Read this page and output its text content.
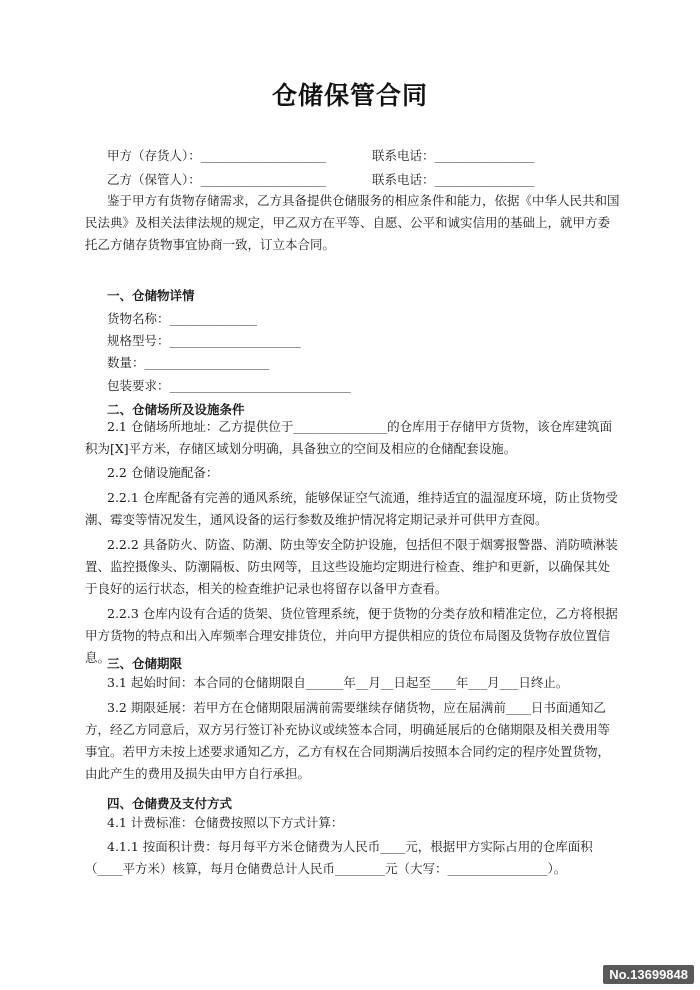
仓储保管合同
甲方（存货人）：____________________	联系电话：________________
乙方（保管人）：____________________	联系电话：________________
鉴于甲方有货物存储需求，乙方具备提供仓储服务的相应条件和能力，依据《中华人民共和国民法典》及相关法律法规的规定，甲乙双方在平等、自愿、公平和诚实信用的基础上，就甲方委托乙方储存货物事宜协商一致，订立本合同。
一、仓储物详情
货物名称：______________
规格型号：_____________________
数量：____________________
包装要求：_____________________________
二、仓储场所及设施条件
2.1 仓储场所地址：乙方提供位于_______________的仓库用于存储甲方货物，该仓库建筑面积为[X]平方米，存储区域划分明确，具备独立的空间及相应的仓储配套设施。
2.2 仓储设施配备：
2.2.1 仓库配备有完善的通风系统，能够保证空气流通，维持适宜的温湿度环境，防止货物受潮、霉变等情况发生，通风设备的运行参数及维护情况将定期记录并可供甲方查阅。
2.2.2 具备防火、防盗、防潮、防虫等安全防护设施，包括但不限于烟雾报警器、消防喷淋装置、监控摄像头、防潮隔板、防虫网等，且这些设施均定期进行检查、维护和更新，以确保其处于良好的运行状态，相关的检查维护记录也将留存以备甲方查看。
2.2.3 仓库内设有合适的货架、货位管理系统，便于货物的分类存放和精准定位，乙方将根据甲方货物的特点和出入库频率合理安排货位，并向甲方提供相应的货位布局图及货物存放位置信息。
三、仓储期限
3.1 起始时间：本合同的仓储期限自______年__月__日起至____年___月___日终止。
3.2 期限延展：若甲方在仓储期限届满前需要继续存储货物，应在届满前____日书面通知乙方，经乙方同意后，双方另行签订补充协议或续签本合同，明确延展后的仓储期限及相关费用等事宜。若甲方未按上述要求通知乙方，乙方有权在合同期满后按照本合同约定的程序处置货物，由此产生的费用及损失由甲方自行承担。
四、仓储费及支付方式
4.1 计费标准：仓储费按照以下方式计算：
4.1.1 按面积计费：每月每平方米仓储费为人民币____元，根据甲方实际占用的仓库面积（____平方米）核算，每月仓储费总计人民币________元（大写：________________）。
No.13699848
